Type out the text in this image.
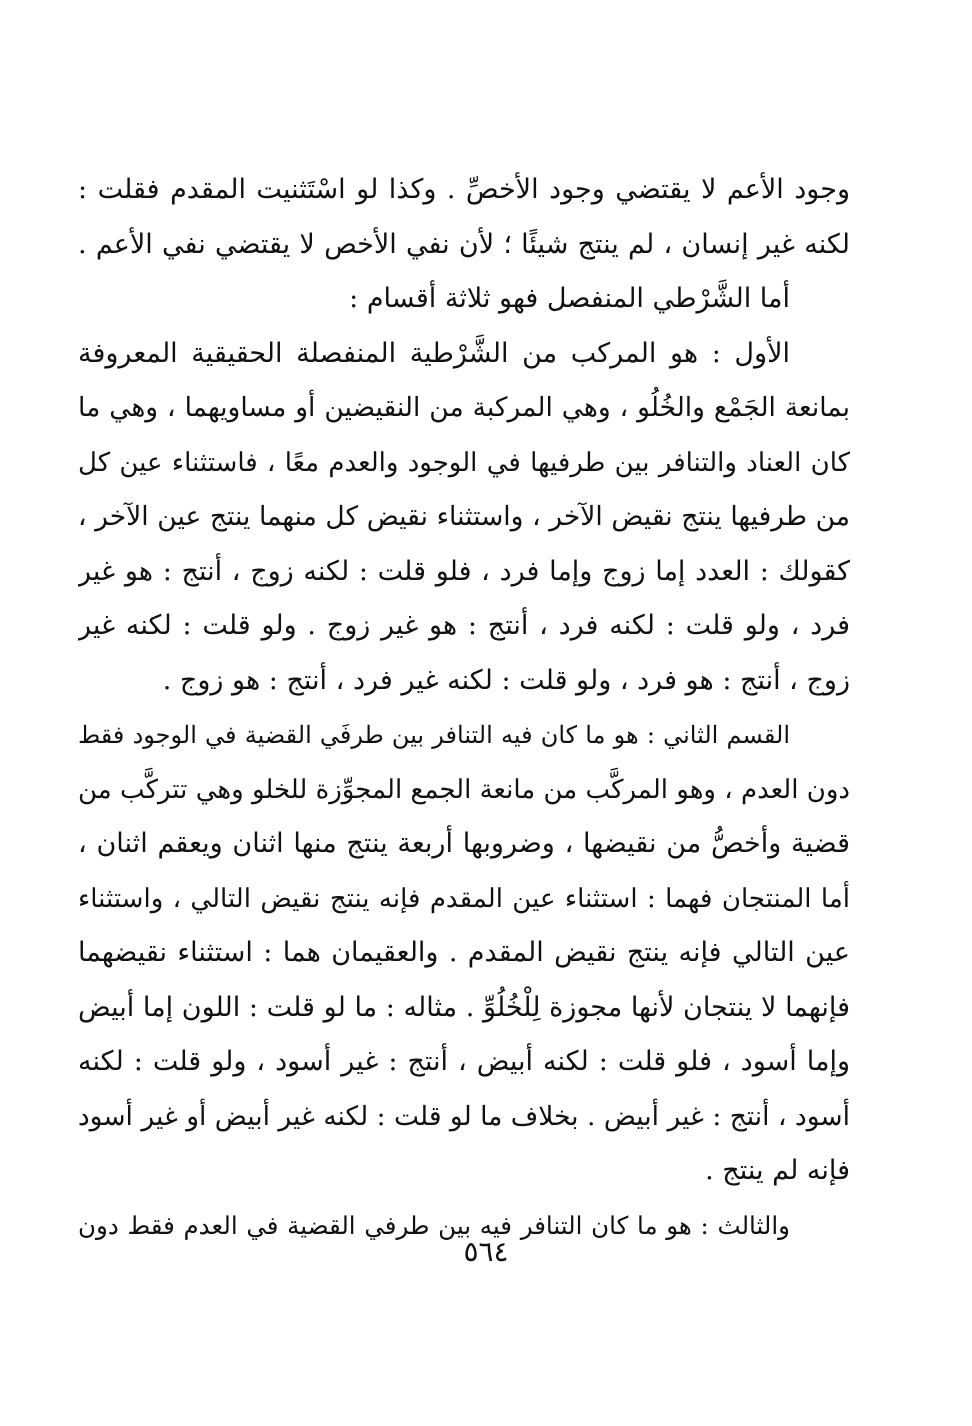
وجود الأعم لا يقتضي وجود الأخصِّ . وكذا لو اسْتَثنيت المقدم فقلت :
لكنه غير إنسان ، لم ينتج شيئًا ؛ لأن نفي الأخص لا يقتضي نفي الأعم .
أما الشَّرْطي المنفصل فهو ثلاثة أقسام :
الأول : هو المركب من الشَّرْطية المنفصلة الحقيقية المعروفة
بمانعة الجَمْع والخُلُو ، وهي المركبة من النقيضين أو مساويهما ، وهي ما
كان العناد والتنافر بين طرفيها في الوجود والعدم معًا ، فاستثناء عين كل
من طرفيها ينتج نقيض الآخر ، واستثناء نقيض كل منهما ينتج عين الآخر ،
كقولك : العدد إما زوج وإما فرد ، فلو قلت : لكنه زوج ، أنتج : هو غير
فرد ، ولو قلت : لكنه فرد ، أنتج : هو غير زوج . ولو قلت : لكنه غير
زوج ، أنتج : هو فرد ، ولو قلت : لكنه غير فرد ، أنتج : هو زوج .
القسم الثاني : هو ما كان فيه التنافر بين طرفَي القضية في الوجود فقط
دون العدم ، وهو المركَّب من مانعة الجمع المجوِّزة للخلو وهي تتركَّب من
قضية وأخصُّ من نقيضها ، وضروبها أربعة ينتج منها اثنان ويعقم اثنان ،
أما المنتجان فهما : استثناء عين المقدم فإنه ينتج نقيض التالي ، واستثناء
عين التالي فإنه ينتج نقيض المقدم . والعقيمان هما : استثناء نقيضهما
فإنهما لا ينتجان لأنها مجوزة لِلْخُلُوِّ . مثاله : ما لو قلت : اللون إما أبيض
وإما أسود ، فلو قلت : لكنه أبيض ، أنتج : غير أسود ، ولو قلت : لكنه
أسود ، أنتج : غير أبيض . بخلاف ما لو قلت : لكنه غير أبيض أو غير أسود
فإنه لم ينتج .
والثالث : هو ما كان التنافر فيه بين طرفي القضية في العدم فقط دون
٥٦٤
